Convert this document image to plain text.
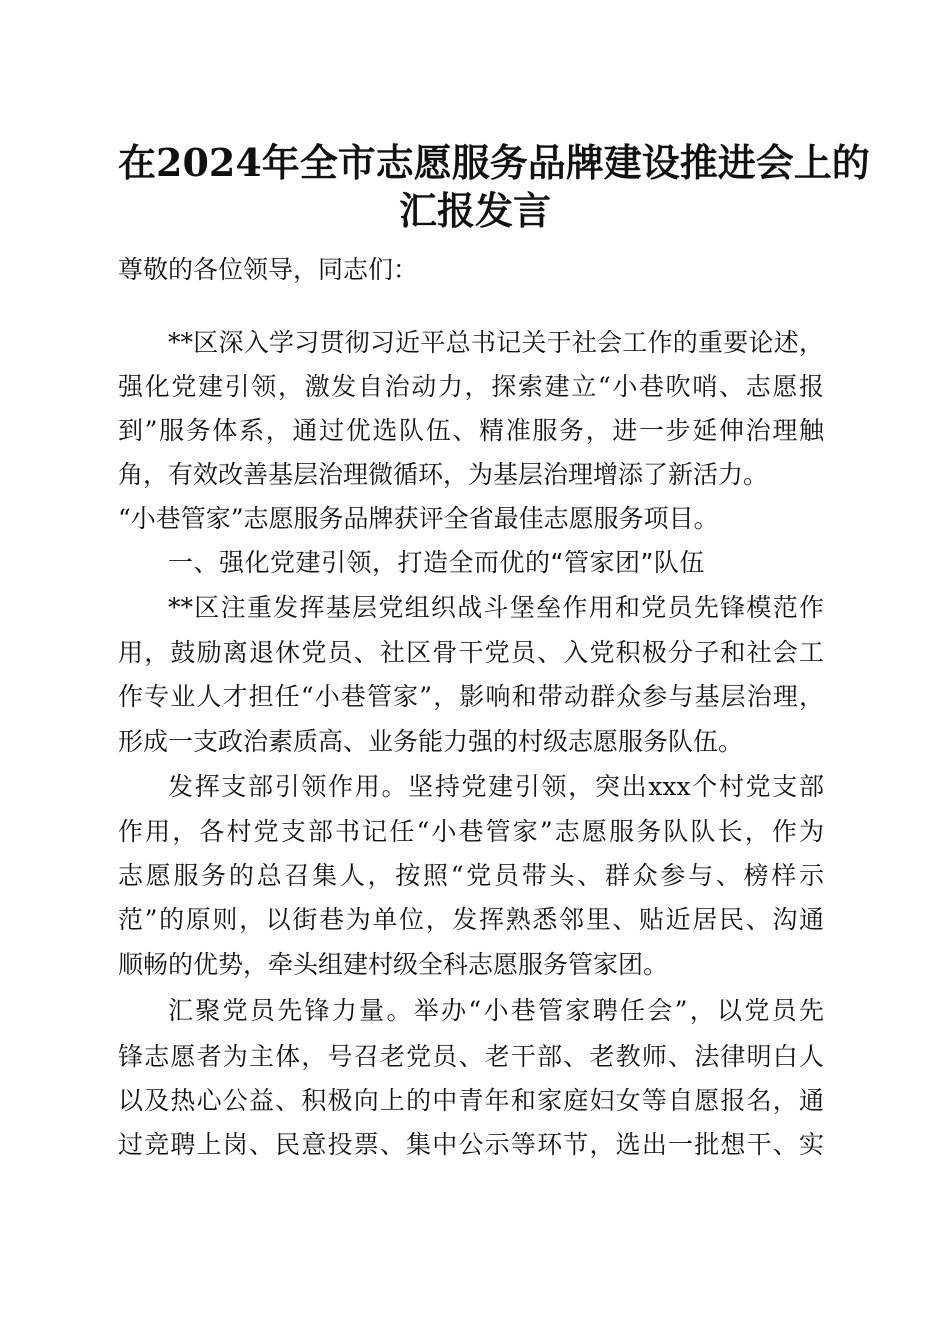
在2024年全市志愿服务品牌建设推进会上的
汇报发言
尊敬的各位领导，同志们：
**区深入学习贯彻习近平总书记关于社会工作的重要论述，
强化党建引领，激发自治动力，探索建立“小巷吹哨、志愿报
到”服务体系，通过优选队伍、精准服务，进一步延伸治理触
角，有效改善基层治理微循环，为基层治理增添了新活力。
“小巷管家”志愿服务品牌获评全省最佳志愿服务项目。
一、强化党建引领，打造全而优的“管家团”队伍
**区注重发挥基层党组织战斗堡垒作用和党员先锋模范作
用，鼓励离退休党员、社区骨干党员、入党积极分子和社会工
作专业人才担任“小巷管家”，影响和带动群众参与基层治理，
形成一支政治素质高、业务能力强的村级志愿服务队伍。
发挥支部引领作用。坚持党建引领，突出xxx个村党支部
作用，各村党支部书记任“小巷管家”志愿服务队队长，作为
志愿服务的总召集人，按照“党员带头、群众参与、榜样示
范”的原则，以街巷为单位，发挥熟悉邻里、贴近居民、沟通
顺畅的优势，牵头组建村级全科志愿服务管家团。
汇聚党员先锋力量。举办“小巷管家聘任会”，以党员先
锋志愿者为主体，号召老党员、老干部、老教师、法律明白人
以及热心公益、积极向上的中青年和家庭妇女等自愿报名，通
过竞聘上岗、民意投票、集中公示等环节，选出一批想干、实
